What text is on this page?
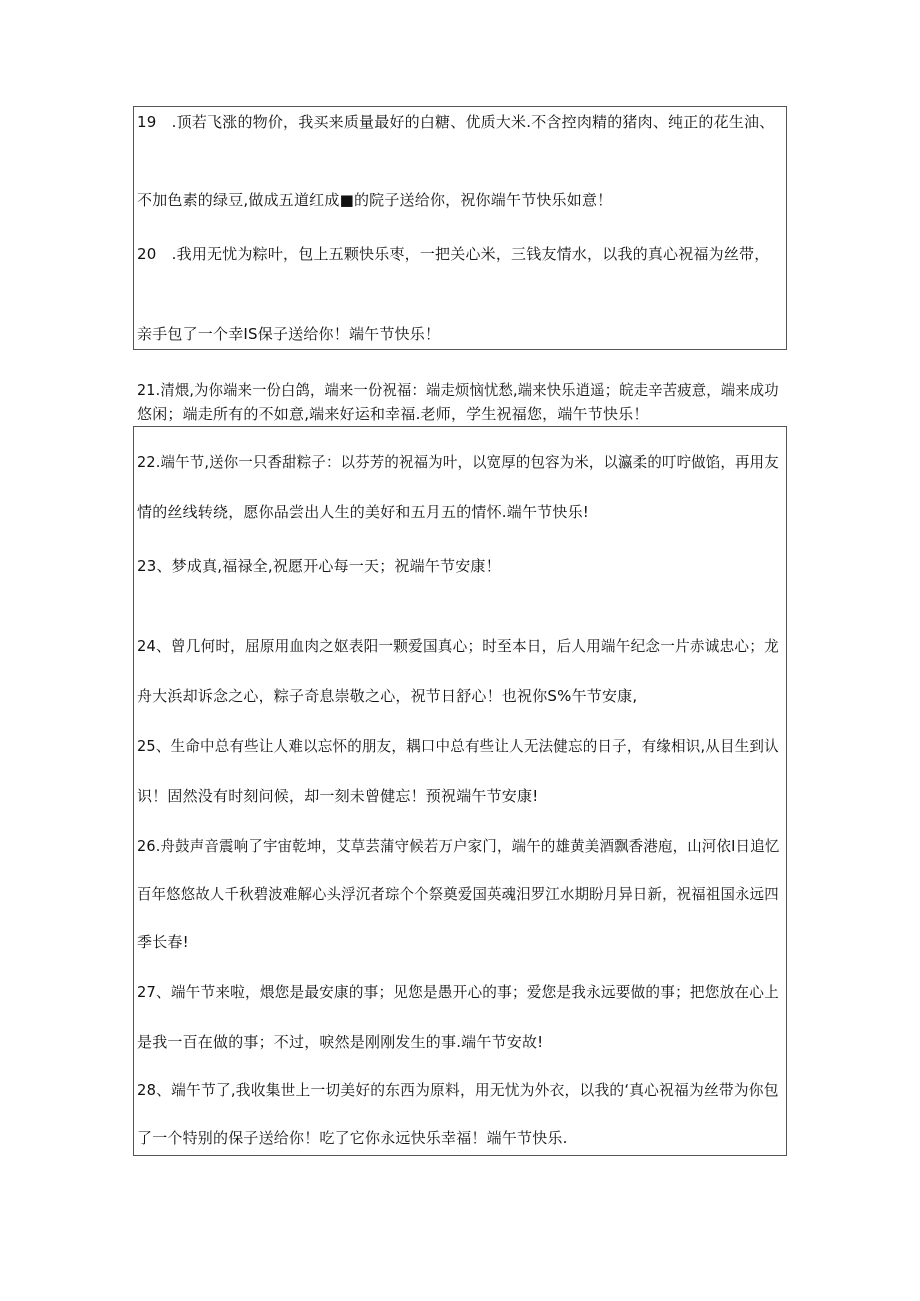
19　.顶若飞涨的物价，我买来质量最好的白糖、优质大米.不含控肉精的猪肉、纯正的花生油、
不加色素的绿豆,做成五道红成■的院子送给你，祝你端午节快乐如意！
20　.我用无忧为粽叶，包上五颗快乐枣，一把关心米，三钱友情水，以我的真心祝福为丝带，
亲手包了一个幸IS保子送给你！端午节快乐！
21.清煨,为你端来一份白鸽，端来一份祝福：端走烦恼忧愁,端来快乐逍遥；皖走辛苦疲意，端来成功
悠闲；端走所有的不如意,端来好运和幸福.老师，学生祝福您，端午节快乐！
22.端午节,送你一只香甜粽子：以芬芳的祝福为叶，以宽厚的包容为米，以瀛柔的叮咛做馅，再用友
情的丝线转绕，愿你品尝出人生的美好和五月五的情怀.端午节快乐!
23、梦成真,福禄全,祝愿开心每一天；祝端午节安康！
24、曾几何时，屈原用血肉之妪表阳一颗爱国真心；时至本日，后人用端午纪念一片赤诚忠心；龙
舟大浜却诉念之心，粽子奇息崇敬之心，祝节日舒心！也祝你S%午节安康,
25、生命中总有些让人难以忘怀的朋友，耦口中总有些让人无法健忘的日子，有缘相识,从目生到认
识！固然没有时刻问候，却一刻未曾健忘！预祝端午节安康!
26.舟鼓声音震响了宇宙乾坤，艾草芸蒲守候若万户家门，端午的雄黄美酒飘香港庖，山河依I日追忆
百年悠悠故人千秋碧波难解心头浮沉者琮个个祭奠爱国英魂汨罗江水期盼月异日新，祝福祖国永远四
季长春!
27、端午节来啦，煨您是最安康的事；见您是愚开心的事；爱您是我永远要做的事；把您放在心上
是我一百在做的事；不过，唳然是刚刚发生的事.端午节安故!
28、端午节了,我收集世上一切美好的东西为原料，用无忧为外衣，以我的‘真心祝福为丝带为你包
了一个特别的保子送给你！吃了它你永远快乐幸福！端午节快乐.
